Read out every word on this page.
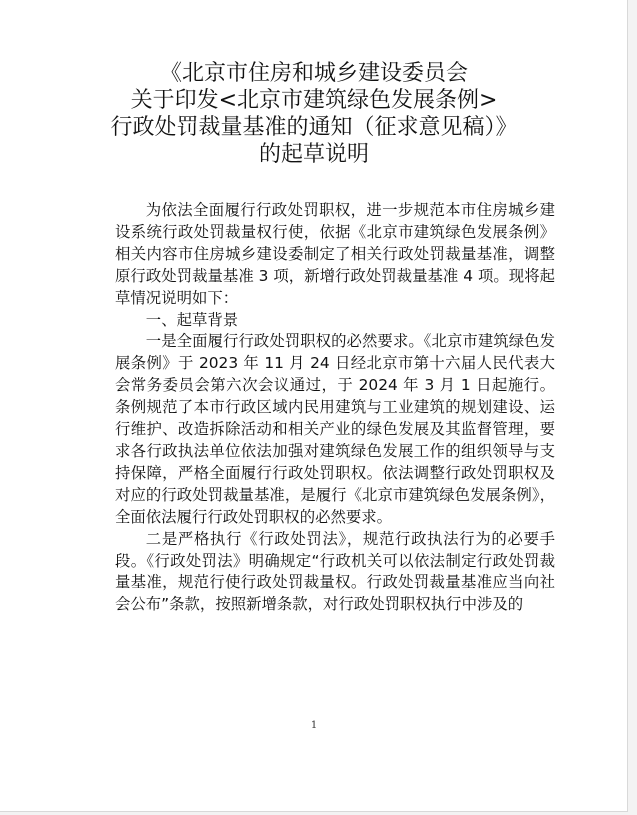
《北京市住房和城乡建设委员会
关于印发<北京市建筑绿色发展条例>
行政处罚裁量基准的通知（征求意见稿）》
的起草说明

为依法全面履行行政处罚职权，进一步规范本市住房城乡建设系统行政处罚裁量权行使，依据《北京市建筑绿色发展条例》相关内容市住房城乡建设委制定了相关行政处罚裁量基准，调整原行政处罚裁量基准 3 项，新增行政处罚裁量基准 4 项。现将起草情况说明如下：

一、起草背景

一是全面履行行政处罚职权的必然要求。《北京市建筑绿色发展条例》于 2023 年 11 月 24 日经北京市第十六届人民代表大会常务委员会第六次会议通过，于 2024 年 3 月 1 日起施行。条例规范了本市行政区域内民用建筑与工业建筑的规划建设、运行维护、改造拆除活动和相关产业的绿色发展及其监督管理，要求各行政执法单位依法加强对建筑绿色发展工作的组织领导与支持保障，严格全面履行行政处罚职权。依法调整行政处罚职权及对应的行政处罚裁量基准，是履行《北京市建筑绿色发展条例》，全面依法履行行政处罚职权的必然要求。

二是严格执行《行政处罚法》，规范行政执法行为的必要手段。《行政处罚法》明确规定“行政机关可以依法制定行政处罚裁量基准，规范行使行政处罚裁量权。行政处罚裁量基准应当向社会公布”条款，按照新增条款，对行政处罚职权执行中涉及的

1
